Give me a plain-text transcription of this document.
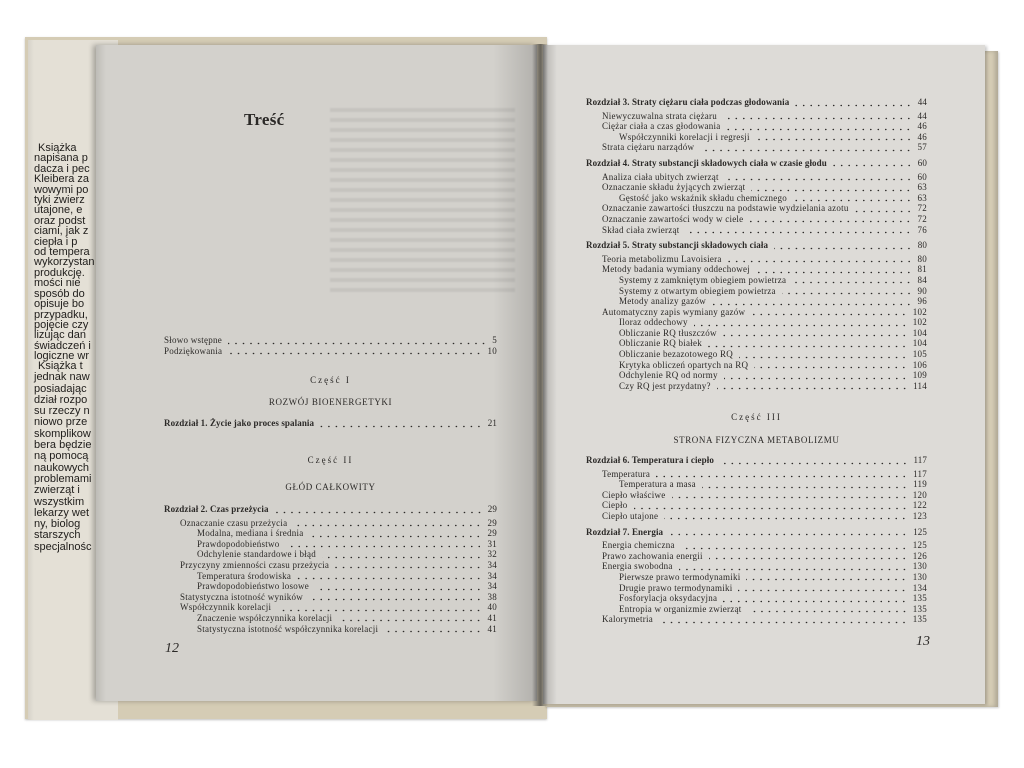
Książka
napisana p
dacza i pec
Kleibera za
wowymi po
tyki zwierz
utajone, e
oraz podst
ciami, jak z
ciepła i p
od tempera
wykorzystan
produkcję.
mości nie
sposób do
opisuje bo
przypadku,
pojęcie czy
lizując dan
świadczeń i
logiczne wr
Książka t
jednak naw
posiadając
dział rozpo
su rzeczy n
niowo prze
skomplikow
bera będzie
ną pomocą
naukowych
problemami
zwierząt i
wszystkim
lekarzy wet
ny, biolog
starszych
specjalnośc
Treść
Słowo wstępne	5
Podziękowania	10
Część I
ROZWÓJ BIOENERGETYKI
Rozdział 1. Życie jako proces spalania	21
Część II
GŁÓD CAŁKOWITY
Rozdział 2. Czas przeżycia	29
Oznaczanie czasu przeżycia	29
Modalna, mediana i średnia	29
Prawdopodobieństwo	31
Odchylenie standardowe i błąd	32
Przyczyny zmienności czasu przeżycia	34
Temperatura środowiska	34
Prawdopodobieństwo losowe	34
Statystyczna istotność wyników	38
Współczynnik korelacji	40
Znaczenie współczynnika korelacji	41
Statystyczna istotność współczynnika korelacji	41
12
Rozdział 3. Straty ciężaru ciała podczas głodowania	44
Niewyczuwalna strata ciężaru	44
Ciężar ciała a czas głodowania	46
Współczynniki korelacji i regresji	46
Strata ciężaru narządów	57
Rozdział 4. Straty substancji składowych ciała w czasie głodu	60
Analiza ciała ubitych zwierząt	60
Oznaczanie składu żyjących zwierząt	63
Gęstość jako wskaźnik składu chemicznego	63
Oznaczanie zawartości tłuszczu na podstawie wydzielania azotu	72
Oznaczanie zawartości wody w ciele	72
Skład ciała zwierząt	76
Rozdział 5. Straty substancji składowych ciała	80
Teoria metabolizmu Lavoisiera	80
Metody badania wymiany oddechowej	81
Systemy z zamkniętym obiegiem powietrza	84
Systemy z otwartym obiegiem powietrza	90
Metody analizy gazów	96
Automatyczny zapis wymiany gazów	102
Iloraz oddechowy	102
Obliczanie RQ tłuszczów	104
Obliczanie RQ białek	104
Obliczanie bezazotowego RQ	105
Krytyka obliczeń opartych na RQ	106
Odchylenie RQ od normy	109
Czy RQ jest przydatny?	114
Część III
STRONA FIZYCZNA METABOLIZMU
Rozdział 6. Temperatura i ciepło	117
Temperatura	117
Temperatura a masa	119
Ciepło właściwe	120
Ciepło	122
Ciepło utajone	123
Rozdział 7. Energia	125
Energia chemiczna	125
Prawo zachowania energii	126
Energia swobodna	130
Pierwsze prawo termodynamiki	130
Drugie prawo termodynamiki	134
Fosforylacja oksydacyjna	135
Entropia w organizmie zwierząt	135
Kalorymetria	135
13
